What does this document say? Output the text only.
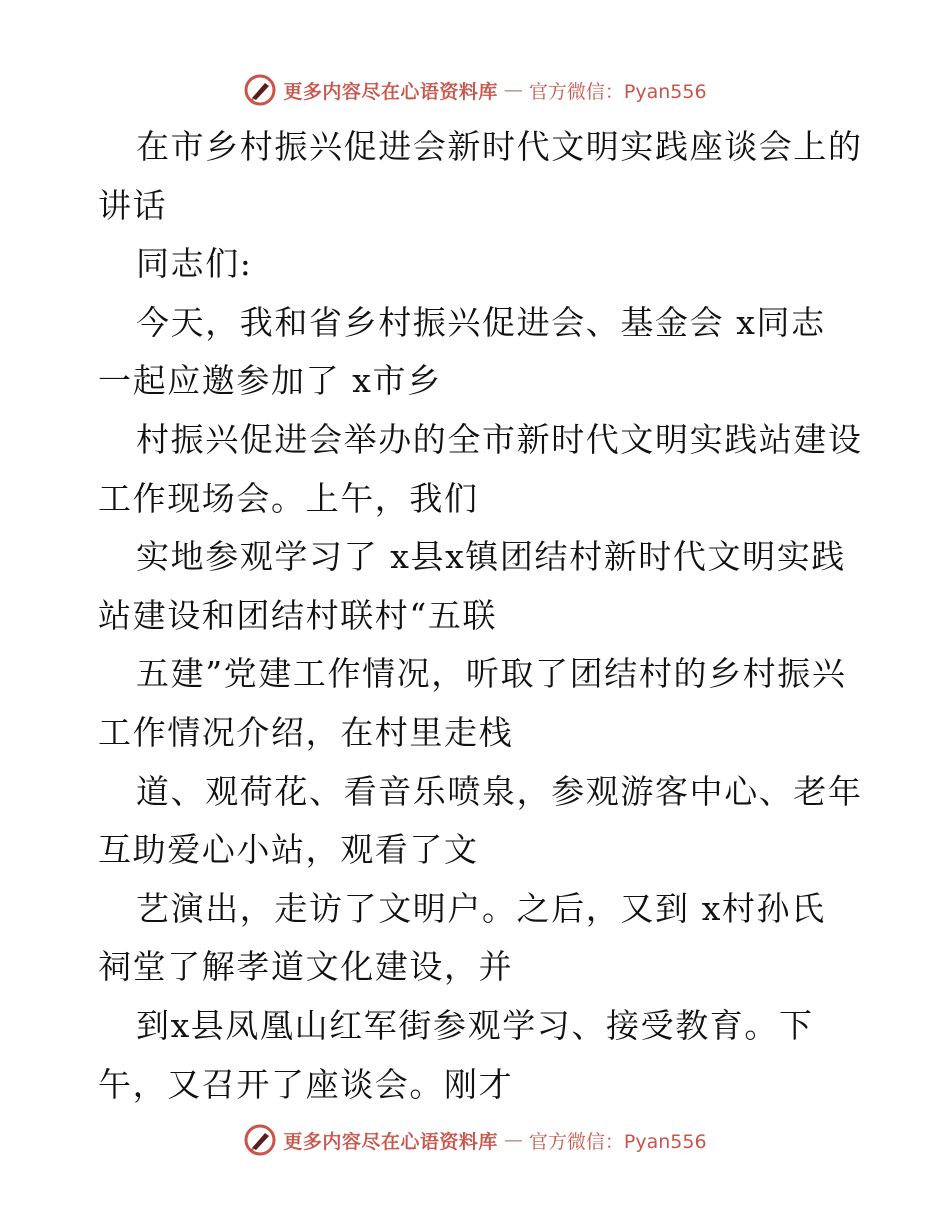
更多内容尽在心语资料库 — 官方微信：Pyan556
在市乡村振兴促进会新时代文明实践座谈会上的
讲话
同志们:
今天，我和省乡村振兴促进会、基金会 x同志
一起应邀参加了 x市乡
村振兴促进会举办的全市新时代文明实践站建设
工作现场会。上午，我们
实地参观学习了 x县x镇团结村新时代文明实践
站建设和团结村联村“五联
五建”党建工作情况，听取了团结村的乡村振兴
工作情况介绍，在村里走栈
道、观荷花、看音乐喷泉，参观游客中心、老年
互助爱心小站，观看了文
艺演出，走访了文明户。之后，又到 x村孙氏
祠堂了解孝道文化建设，并
到x县凤凰山红军街参观学习、接受教育。下
午，又召开了座谈会。刚才
更多内容尽在心语资料库 — 官方微信：Pyan556
